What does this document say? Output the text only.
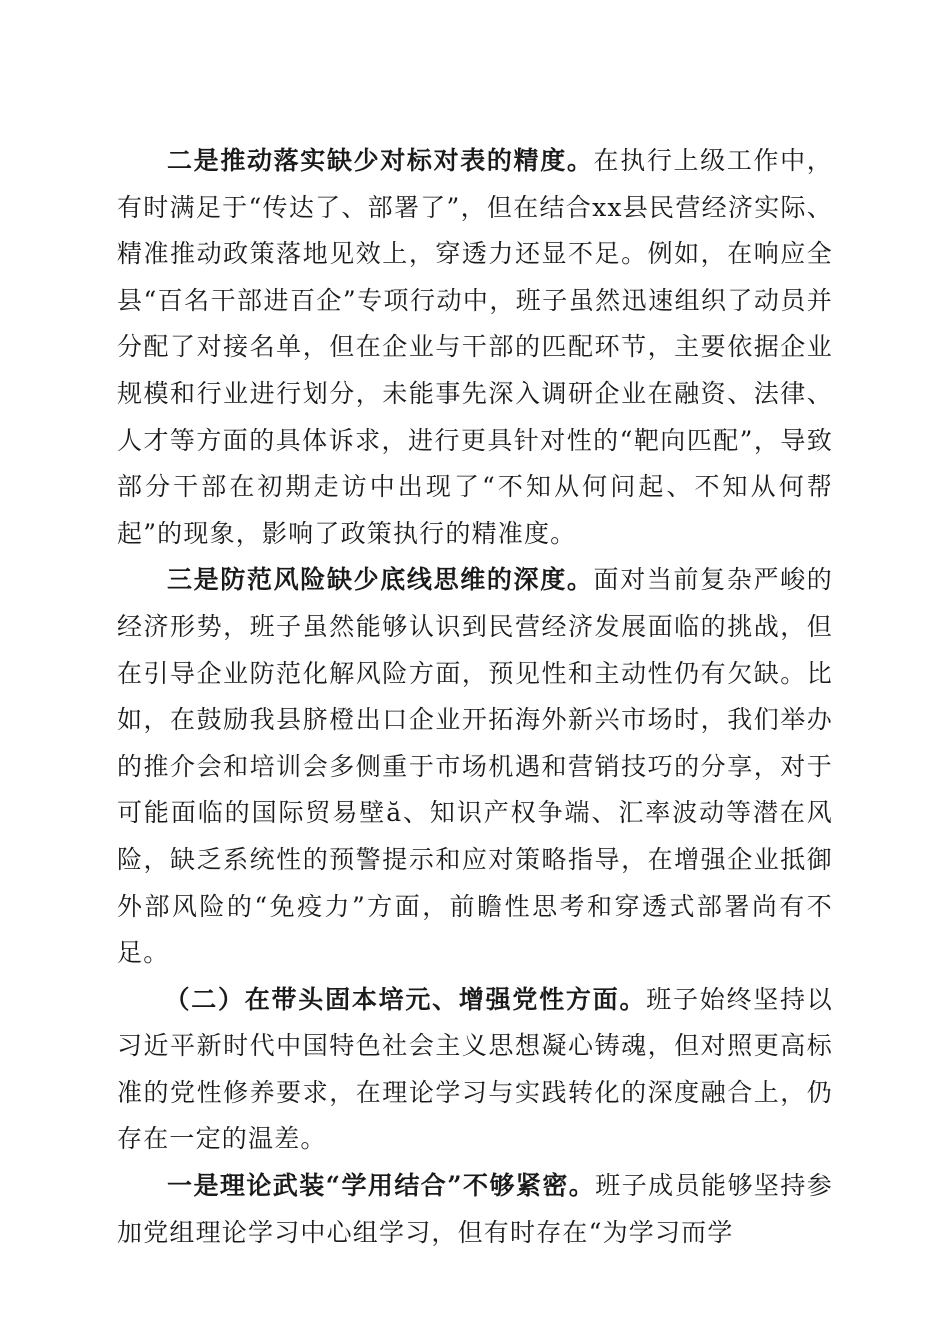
二是推动落实缺少对标对表的精度。在执行上级工作中，有时满足于“传达了、部署了”，但在结合xx县民营经济实际、精准推动政策落地见效上，穿透力还显不足。例如，在响应全县“百名干部进百企”专项行动中，班子虽然迅速组织了动员并分配了对接名单，但在企业与干部的匹配环节，主要依据企业规模和行业进行划分，未能事先深入调研企业在融资、法律、人才等方面的具体诉求，进行更具针对性的“靶向匹配”，导致部分干部在初期走访中出现了“不知从何问起、不知从何帮起”的现象，影响了政策执行的精准度。

三是防范风险缺少底线思维的深度。面对当前复杂严峻的经济形势，班子虽然能够认识到民营经济发展面临的挑战，但在引导企业防范化解风险方面，预见性和主动性仍有欠缺。比如，在鼓励我县脐橙出口企业开拓海外新兴市场时，我们举办的推介会和培训会多侧重于市场机遇和营销技巧的分享，对于可能面临的国际贸易壁ă、知识产权争端、汇率波动等潜在风险，缺乏系统性的预警提示和应对策略指导，在增强企业抵御外部风险的“免疫力”方面，前瞻性思考和穿透式部署尚有不足。

（二）在带头固本培元、增强党性方面。班子始终坚持以习近平新时代中国特色社会主义思想凝心铸魂，但对照更高标准的党性修养要求，在理论学习与实践转化的深度融合上，仍存在一定的温差。

一是理论武装“学用结合”不够紧密。班子成员能够坚持参加党组理论学习中心组学习，但有时存在“为学习而学
